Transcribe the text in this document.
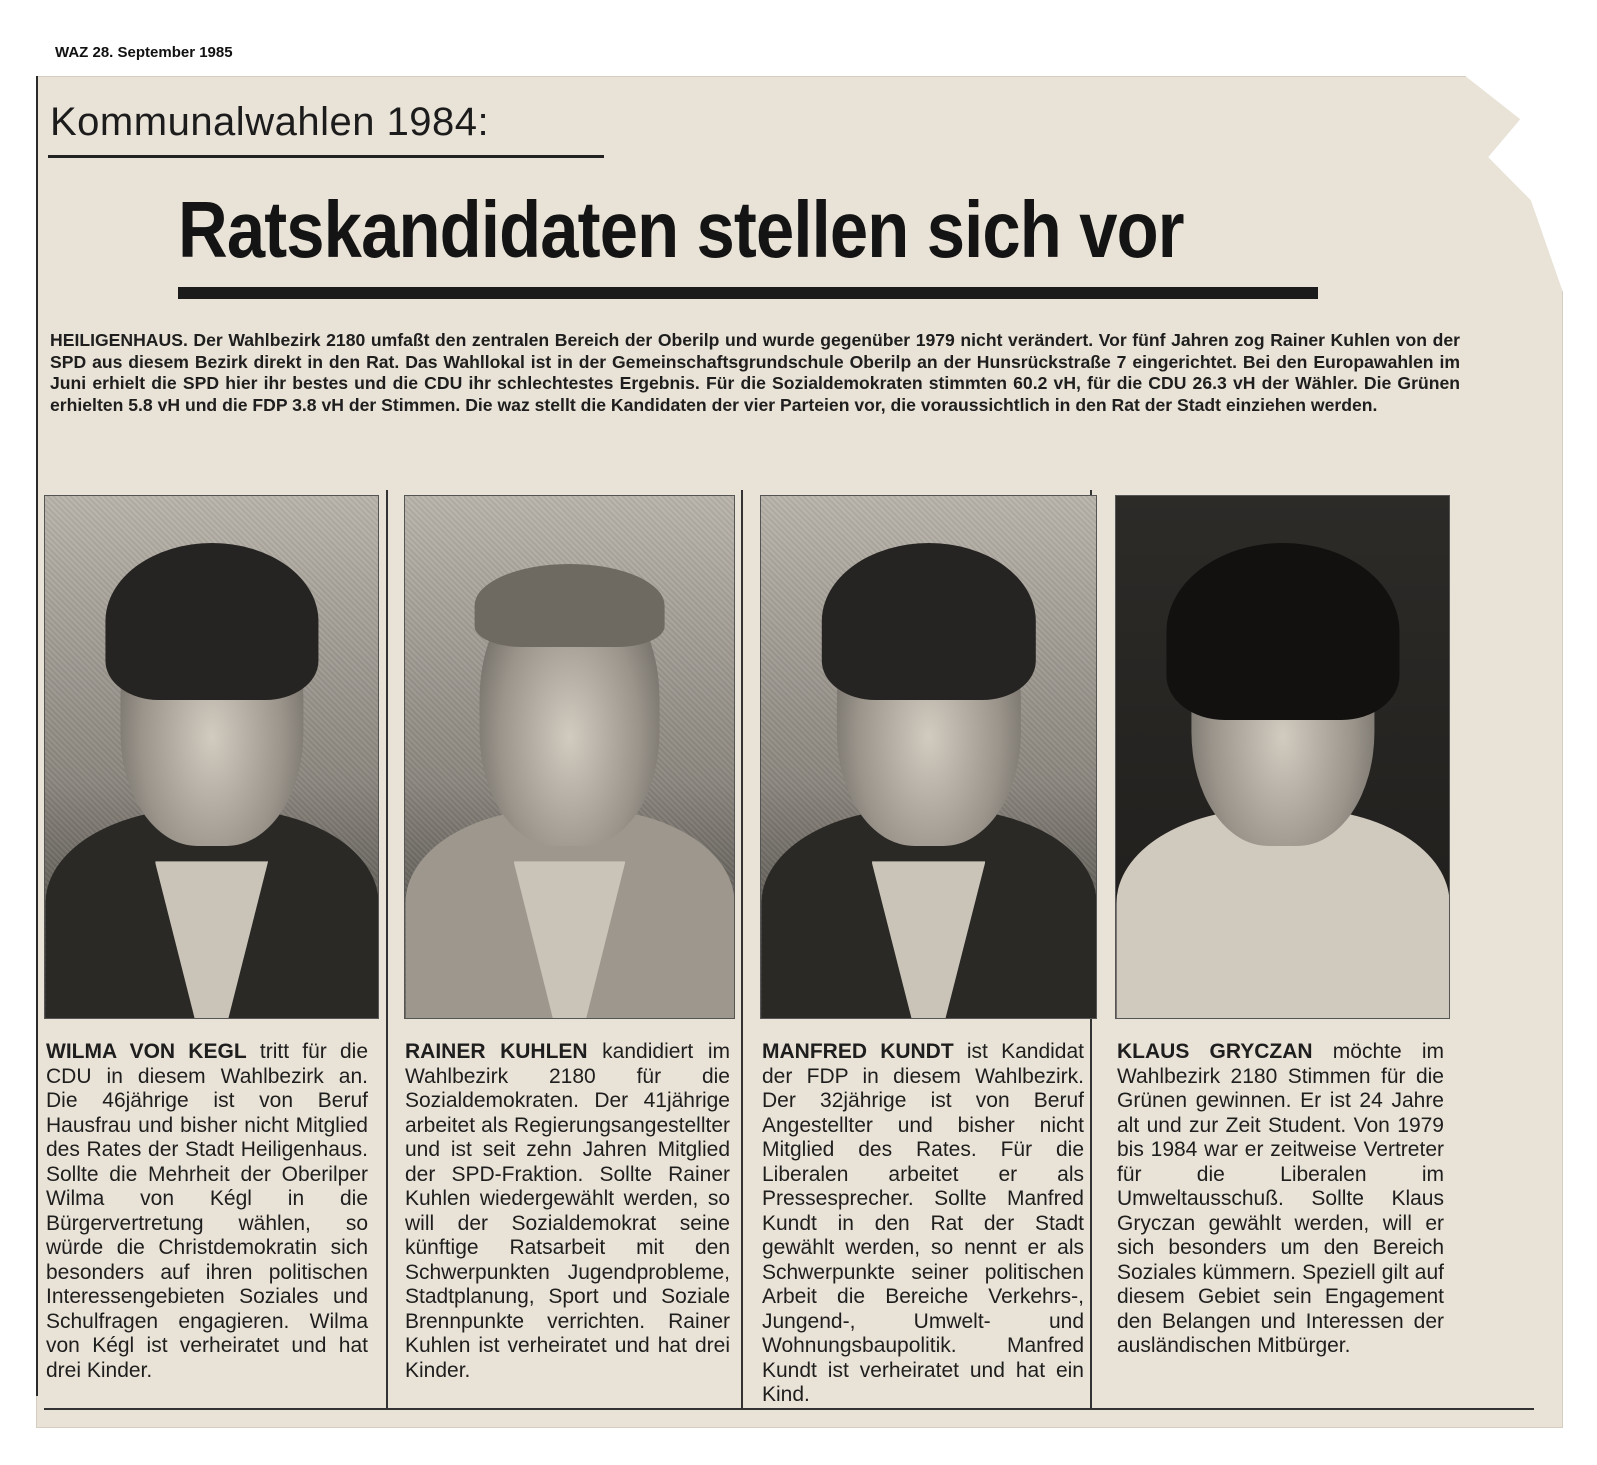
WAZ 28. September 1985
Kommunalwahlen 1984:
Ratskandidaten stellen sich vor

HEILIGENHAUS. Der Wahlbezirk 2180 umfaßt den zentralen Bereich der Oberilp und wurde gegenüber 1979 nicht verändert. Vor fünf Jahren zog Rainer Kuhlen von der SPD aus diesem Bezirk direkt in den Rat. Das Wahllokal ist in der Gemeinschaftsgrundschule Oberilp an der Hunsrückstraße 7 eingerichtet. Bei den Europawahlen im Juni erhielt die SPD hier ihr bestes und die CDU ihr schlechtestes Ergebnis. Für die Sozialdemokraten stimmten 60.2 vH, für die CDU 26.3 vH der Wähler. Die Grünen erhielten 5.8 vH und die FDP 3.8 vH der Stimmen. Die waz stellt die Kandidaten der vier Parteien vor, die voraussichtlich in den Rat der Stadt einziehen werden.

WILMA VON KEGL tritt für die CDU in diesem Wahlbezirk an. Die 46jährige ist von Beruf Hausfrau und bisher nicht Mitglied des Rates der Stadt Heiligenhaus. Sollte die Mehrheit der Oberilper Wilma von Kégl in die Bürgervertretung wählen, so würde die Christdemokratin sich besonders auf ihren politischen Interessengebieten Soziales und Schulfragen engagieren. Wilma von Kégl ist verheiratet und hat drei Kinder.

RAINER KUHLEN kandidiert im Wahlbezirk 2180 für die Sozialdemokraten. Der 41jährige arbeitet als Regierungsangestellter und ist seit zehn Jahren Mitglied der SPD-Fraktion. Sollte Rainer Kuhlen wiedergewählt werden, so will der Sozialdemokrat seine künftige Ratsarbeit mit den Schwerpunkten Jugendprobleme, Stadtplanung, Sport und Soziale Brennpunkte verrichten. Rainer Kuhlen ist verheiratet und hat drei Kinder.

MANFRED KUNDT ist Kandidat der FDP in diesem Wahlbezirk. Der 32jährige ist von Beruf Angestellter und bisher nicht Mitglied des Rates. Für die Liberalen arbeitet er als Pressesprecher. Sollte Manfred Kundt in den Rat der Stadt gewählt werden, so nennt er als Schwerpunkte seiner politischen Arbeit die Bereiche Verkehrs-, Jungend-, Umwelt- und Wohnungsbaupolitik. Manfred Kundt ist verheiratet und hat ein Kind.

KLAUS GRYCZAN möchte im Wahlbezirk 2180 Stimmen für die Grünen gewinnen. Er ist 24 Jahre alt und zur Zeit Student. Von 1979 bis 1984 war er zeitweise Vertreter für die Liberalen im Umweltausschuß. Sollte Klaus Gryczan gewählt werden, will er sich besonders um den Bereich Soziales kümmern. Speziell gilt auf diesem Gebiet sein Engagement den Belangen und Interessen der ausländischen Mitbürger.
